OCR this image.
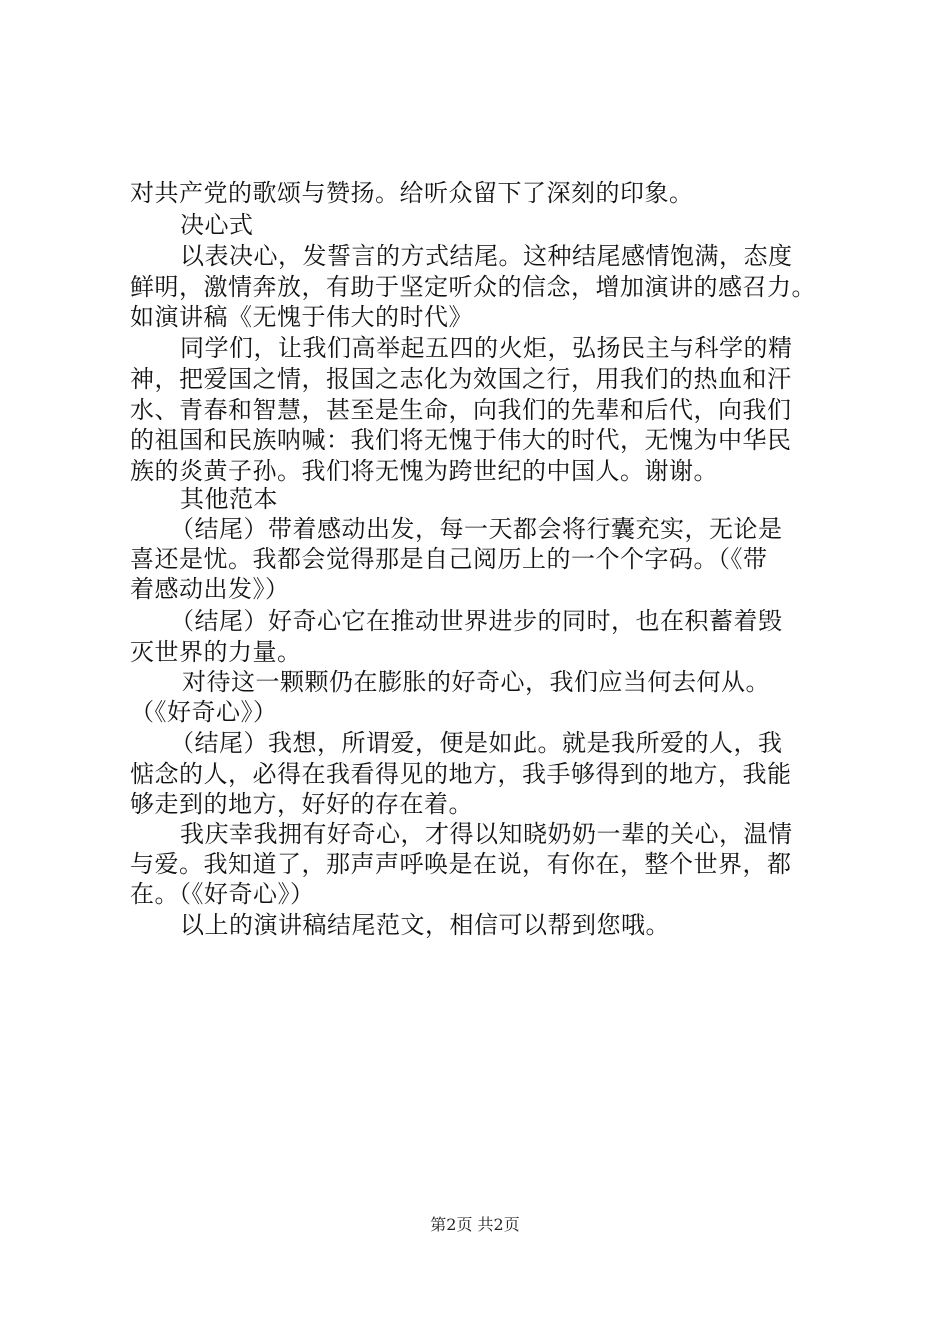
对共产党的歌颂与赞扬。给听众留下了深刻的印象。
决心式
以表决心，发誓言的方式结尾。这种结尾感情饱满，态度
鲜明，激情奔放，有助于坚定听众的信念，增加演讲的感召力。
如演讲稿《无愧于伟大的时代》
同学们，让我们高举起五四的火炬，弘扬民主与科学的精
神，把爱国之情，报国之志化为效国之行，用我们的热血和汗
水、青春和智慧，甚至是生命，向我们的先辈和后代，向我们
的祖国和民族呐喊：我们将无愧于伟大的时代，无愧为中华民
族的炎黄子孙。我们将无愧为跨世纪的中国人。谢谢。
其他范本
（结尾）带着感动出发，每一天都会将行囊充实，无论是
喜还是忧。我都会觉得那是自己阅历上的一个个字码。（《带
着感动出发》）
（结尾）好奇心它在推动世界进步的同时，也在积蓄着毁
灭世界的力量。
对待这一颗颗仍在膨胀的好奇心，我们应当何去何从。
（《好奇心》）
（结尾）我想，所谓爱，便是如此。就是我所爱的人，我
惦念的人，必得在我看得见的地方，我手够得到的地方，我能
够走到的地方，好好的存在着。
我庆幸我拥有好奇心，才得以知晓奶奶一辈的关心，温情
与爱。我知道了，那声声呼唤是在说，有你在，整个世界，都
在。（《好奇心》）
以上的演讲稿结尾范文，相信可以帮到您哦。
第2页 共2页
